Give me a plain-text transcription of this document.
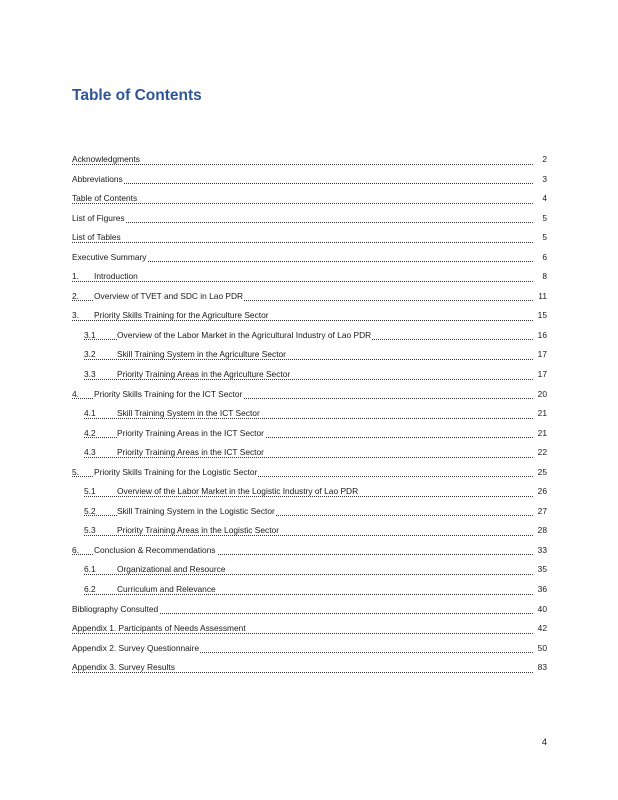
Table of Contents
Acknowledgments	2
Abbreviations	3
Table of Contents	4
List of Figures	5
List of Tables	5
Executive Summary	6
1. Introduction	8
2. Overview of TVET and SDC in Lao PDR	11
3. Priority Skills Training for the Agriculture Sector	15
3.1	Overview of the Labor Market in the Agricultural Industry of Lao PDR	16
3.2	Skill Training System in the Agriculture Sector	17
3.3	Priority Training Areas in the Agriculture Sector	17
4. Priority Skills Training for the ICT Sector	20
4.1	Skill Training System in the ICT Sector	21
4.2	Priority Training Areas in the ICT Sector	21
4.3	Priority Training Areas in the ICT Sector	22
5. Priority Skills Training for the Logistic Sector	25
5.1	Overview of the Labor Market in the Logistic Industry of Lao PDR	26
5.2	Skill Training System in the Logistic Sector	27
5.3	Priority Training Areas in the Logistic Sector	28
6. Conclusion & Recommendations	33
6.1	Organizational and Resource	35
6.2	Curriculum and Relevance	36
Bibliography Consulted	40
Appendix 1. Participants of Needs Assessment	42
Appendix 2. Survey Questionnaire	50
Appendix 3. Survey Results	83
4
